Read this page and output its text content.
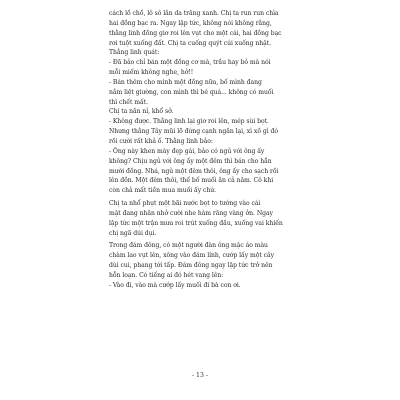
cách lồ chồ, lô sô lăn da trăng xanh. Chị ta run run chìa
hai đồng bạc ra. Ngay lập tức, không nói không rằng,
thằng linh đồng giơ roi lên vụt cho một cái, hai đồng bạc
rơi tuột xuống đất. Chị ta cuống quýt cúi xuống nhặt.
Thằng linh quát:
- Đã bảo chỉ bán một đồng cơ mà, trầu hay bỏ mà nói
mỗi miếm không nghe, hở!!
- Bán thêm cho mình một đồng nữa, bố mình đang
nằm liệt giường, con mình thì bé quá... không có muối
thì chết mất.
Chị ta năn nỉ, khổ sở.
- Không được. Thằng linh lại giơ roi lên, mép sùi bọt.
Nhưng thằng Tây mũi lõ đứng cạnh ngăn lại, xì xồ gì đó
rồi cười rất khả ố. Thằng linh bảo:
- Ông này khen mày đẹp gái, bảo có ngủ với ông ấy
không? Chịu ngủ với ông ấy một đêm thì bán cho hẳn
mười đồng. Nhá, ngủ một đêm thôi, ông ấy cho sạch rồi
lên đồn. Một đêm thôi, thế bố muối ăn cả năm. Cô khi
còn chả mất tiền mua muối ấy chứ.
Chị ta nhổ phụt một bãi nước bọt to tướng vào cái
mặt đang nhăn nhở cười nhe hàm răng vàng ởn. Ngay
lập tức một trận mưa roi trút xuống đầu, xuống vai khiến
chị ngã dúi dụi.
Trong đám đông, có một người đàn ông mặc áo màu
chàm lao vụt lên, xông vào đám lính, cướp lấy một cây
dùi cui, phang tới tấp. Đám đông ngay lập tức trở nên
hỗn loạn. Có tiếng ai đó hét vang lên:
- Vào đi, vào mà cướp lấy muối đi bà con ơi.
- 13 -
